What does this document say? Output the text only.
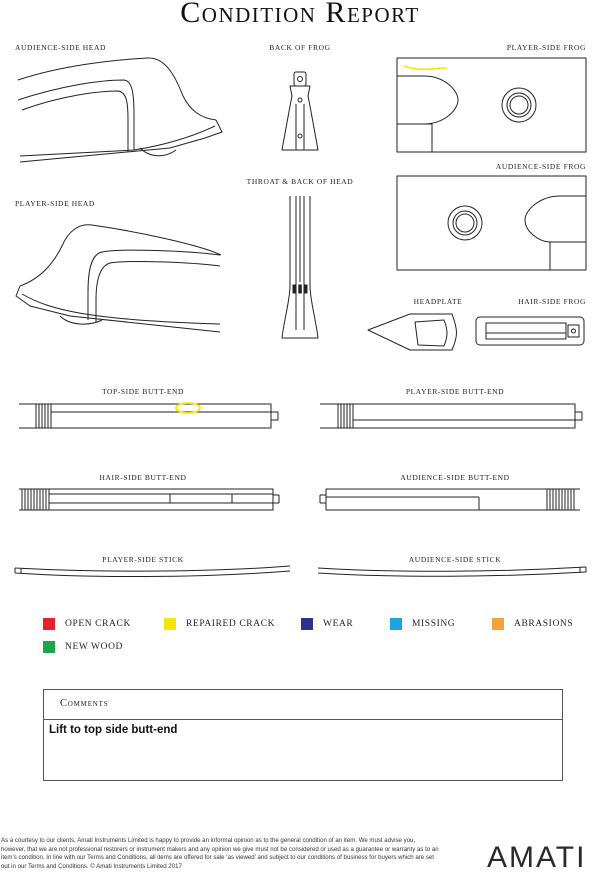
Condition Report
AUDIENCE-SIDE HEAD	BACK OF FROG	PLAYER-SIDE FROG
THROAT & BACK OF HEAD
AUDIENCE-SIDE FROG
PLAYER-SIDE HEAD
HEADPLATE	HAIR-SIDE FROG
TOP-SIDE BUTT-END	PLAYER-SIDE BUTT-END
HAIR-SIDE BUTT-END	AUDIENCE-SIDE BUTT-END
PLAYER-SIDE STICK	AUDIENCE-SIDE STICK
OPEN CRACK	REPAIRED CRACK	WEAR	MISSING	ABRASIONS
NEW WOOD
Comments
Lift to top side butt-end
As a courtesy to our clients, Amati Instruments Limited is happy to provide an informal opinion as to the general condition of an item. We must advise you, however, that we are not professional restorers or instrument makers and any opinion we give must not be considered or used as a guarantee or warranty as to an item’s condition. In line with our Terms and Conditions, all items are offered for sale ‘as viewed’ and subject to our conditions of business for buyers which are set out in our Terms and Conditions. © Amati Instruments Limited 2017	AMATI
